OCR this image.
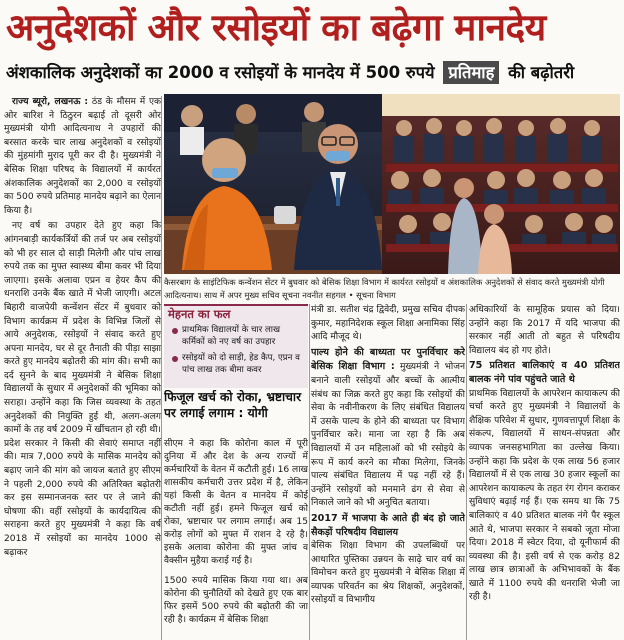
अनुदेशकों और रसोइयों का बढ़ेगा मानदेय
अंशकालिक अनुदेशकों का 2000 व रसोइयों के मानदेय में 500 रुपये प्रतिमाह की बढ़ोतरी

राज्य ब्यूरो, लखनऊ : ठंड के मौसम में एक ओर बारिश ने ठिठुरन बढ़ाई तो दूसरी ओर मुख्यमंत्री योगी आदित्यनाथ ने उपहारों की बरसात करके चार लाख अनुदेशकों व रसोइयों की मुंहमांगी मुराद पूरी कर दी है। मुख्यमंत्री ने बेसिक शिक्षा परिषद के विद्यालयों में कार्यरत अंशकालिक अनुदेशकों का 2,000 व रसोइयों का 500 रुपये प्रतिमाह मानदेय बढ़ाने का ऐलान किया है।

नए वर्ष का उपहार देते हुए कहा कि आंगनबाड़ी कार्यकर्त्रियों की तर्ज पर अब रसोइयों को भी हर साल दो साड़ी मिलेगी और पांच लाख रुपये तक का मुफ्त स्वास्थ्य बीमा कवर भी दिया जाएगा। इसके अलावा एप्रन व हेयर कैप की धनराशि उनके बैंक खाते में भेजी जाएगी। अटल बिहारी वाजपेयी कन्वेंशन सेंटर में बुधवार को विभाग कार्यक्रम में प्रदेश के विभिन्न जिलों से आये अनुदेशक, रसोइयों ने संवाद करते हुए अपना मानदेय, घर से दूर तैनाती की पीड़ा साझा करते हुए मानदेय बढ़ोतरी की मांग की। सभी का दर्द सुनने के बाद मुख्यमंत्री ने बेसिक शिक्षा विद्यालयों के सुधार में अनुदेशकों की भूमिका को सराहा। उन्होंने कहा कि जिस व्यवस्था के तहत अनुदेशकों की नियुक्ति हुई थी, अलग-अलग कामों के तह वर्ष 2009 में खींचतान हो रही थी। प्रदेश सरकार ने किसी की सेवाएं समाप्त नहीं की। मात्र 7,000 रुपये के मासिक मानदेय को बढ़ाए जाने की मांग को जायज बताते हुए सीएम ने पहली 2,000 रुपये की अतिरिक्त बढ़ोतरी कर इस सम्मानजनक स्तर पर ले जाने की घोषणा की। वहीं रसोइयों के कार्यदायित्व की सराहना करते हुए मुख्यमंत्री ने कहा कि वर्ष 2018 में रसोइयों का मानदेय 1000 से बढ़ाकर

कैसरबाग के साइंटिफिक कन्वेंशन सेंटर में बुधवार को बेसिक शिक्षा विभाग में कार्यरत रसोइयों व अंशकालिक अनुदेशकों से संवाद करते मुख्यमंत्री योगी आदित्यनाथ। साथ में अपर मुख्य सचिव सूचना नवनीत सहगल • सूचना विभाग
मेहनत का फल
प्राथमिक विद्यालयों के चार लाख कर्मिकों को नए वर्ष का उपहार
रसोइयों को दो साड़ी, हेड कैप, एप्रन व पांच लाख तक बीमा कवर
फिजूल खर्च को रोका, भ्रष्टाचार पर लगाई लगाम : योगी

सीएम ने कहा कि कोरोना काल में पूरी दुनिया में और देश के अन्य राज्यों में कर्मचारियों के वेतन में कटौती हुई। 16 लाख शासकीय कर्मचारी उत्तर प्रदेश में है, लेकिन यहां किसी के वेतन व मानदेय में कोई कटौती नहीं हुई। हमने फिजूल खर्च को रोका, भ्रष्टाचार पर लगाम लगाई। अब 15 करोड़ लोगों को मुफ्त में राशन दे रहे है। इसके अलावा कोरोना की मुफ्त जांच व वैक्सीन मुहैया कराई गई है।

1500 रुपये मासिक किया गया था। अब कोरोना की चुनौतियों को देखते हुए एक बार फिर इसमें 500 रुपये की बढ़ोतरी की जा रही है। कार्यक्रम में बेसिक शिक्षा

मंत्री डा. सतीश चंद्र द्विवेदी, प्रमुख सचिव दीपक कुमार, महानिदेशक स्कूल शिक्षा अनामिका सिंह आदि मौजूद थे।

पाल्य होने की बाध्यता पर पुनर्विचार करे बेसिक शिक्षा विभाग : मुख्यमंत्री ने भोजन बनाने वाली रसोइयों और बच्चों के आत्मीय संबंध का जिक्र करते हुए कहा कि रसोइयों की सेवा के नवीनीकरण के लिए संबंधित विद्यालय में उसके पाल्य के होने की बाध्यता पर विभाग पुनर्विचार करे। माना जा रहा है कि अब विद्यालयों में उन महिलाओं को भी रसोइये के रूप में कार्य करने का मौका मिलेगा, जिनके पाल्य संबंधित विद्यालय में पढ़ नहीं रहे हैं। उन्होंने रसोइयों को मनमाने ढंग से सेवा से निकाले जाने को भी अनुचित बताया।

2017 में भाजपा के आते ही बंद हो जाते सैकड़ों परिषदीय विद्यालय

बेसिक शिक्षा विभाग की उपलब्धियों पर आधारित पुस्तिका उन्नयन के साढ़े चार वर्ष का विमोचन करते हुए मुख्यमंत्री ने बेसिक शिक्षा में व्यापक परिवर्तन का श्रेय शिक्षकों, अनुदेशकों, रसोइयों व विभागीय

अधिकारियों के सामूहिक प्रयास को दिया। उन्होंने कहा कि 2017 में यदि भाजपा की सरकार नहीं आती तो बहुत से परिषदीय विद्यालय बंद हो गए होते।

75 प्रतिशत बालिकाएं व 40 प्रतिशत बालक नंगे पांव पहुंचते जाते थे

प्राथमिक विद्यालयों के आपरेशन कायाकल्प की चर्चा करते हुए मुख्यमंत्री ने विद्यालयों के शैक्षिक परिवेश में सुधार, गुणवत्तापूर्ण शिक्षा के संकल्प, विद्यालयों में साधन-संपन्नता और व्यापक जनसहभागिता का उल्लेख किया। उन्होंने कहा कि प्रदेश के एक लाख 56 हजार विद्यालयों में से एक लाख 30 हजार स्कूलों का आपरेशन कायाकल्प के तहत रंग रोगन कराकर सुविधाएं बढ़ाई गई हैं। एक समय था कि 75 बालिकाएं व 40 प्रतिशत बालक नंगे पैर स्कूल आते थे, भाजपा सरकार ने सबको जूता मोजा दिया। 2018 में स्वेटर दिया, दो यूनीफार्म की व्यवस्था की है। इसी वर्ष से एक करोड़ 82 लाख छात्र छात्राओं के अभिभावकों के बैंक खाते में 1100 रुपये की धनराशि भेजी जा रही है।
